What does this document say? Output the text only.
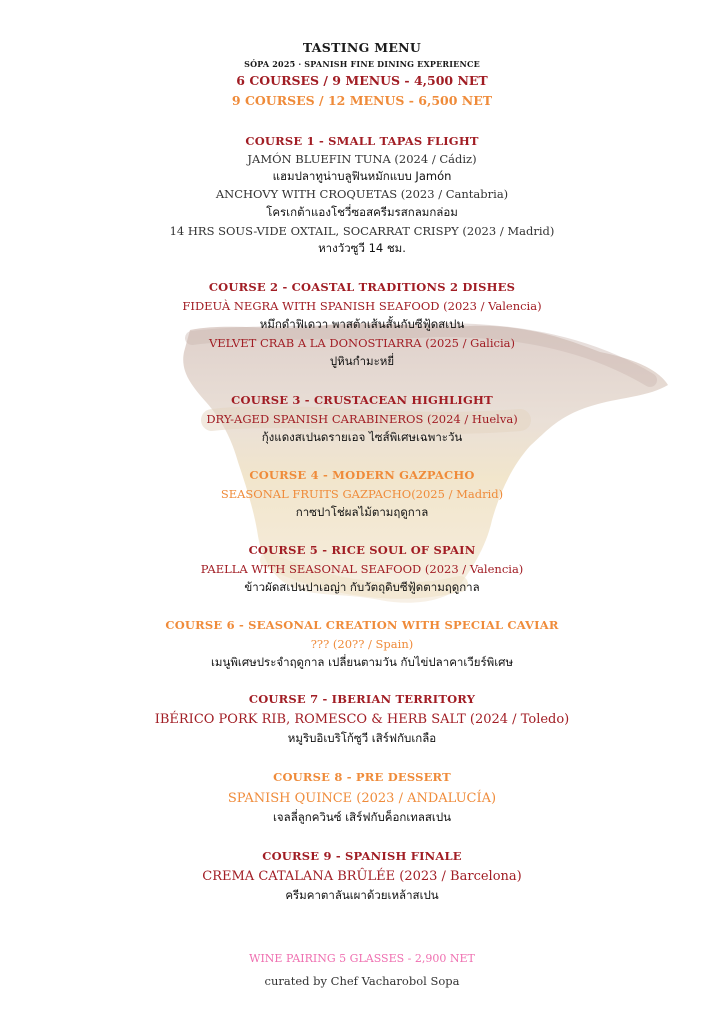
TASTING MENU
SÓPA 2025 · SPANISH FINE DINING EXPERIENCE
6 COURSES / 9 MENUS - 4,500 NET
9 COURSES / 12 MENUS - 6,500 NET
COURSE 1 - SMALL TAPAS FLIGHT
JAMÓN BLUEFIN TUNA (2024 / Cádiz)
แฮมปลาทูน่าบลูฟินหมักแบบ Jamón
ANCHOVY WITH CROQUETAS (2023 / Cantabria)
โครเกต้าแองโชวี่ซอสครีมรสกลมกล่อม
14 HRS SOUS-VIDE OXTAIL, SOCARRAT CRISPY (2023 / Madrid)
หางวัวซูวี 14 ชม.
COURSE 2 - COASTAL TRADITIONS 2 DISHES
FIDEUÀ NEGRA WITH SPANISH SEAFOOD (2023 / Valencia)
หมึกดำฟิเดวา พาสต้าเส้นสั้นกับซีฟู้ดสเปน
VELVET CRAB A LA DONOSTIARRA (2025 / Galicia)
ปูหินกำมะหยี่
COURSE 3 - CRUSTACEAN HIGHLIGHT
DRY-AGED SPANISH CARABINEROS (2024 / Huelva)
กุ้งแดงสเปนดรายเอจ ไซส์พิเศษเฉพาะวัน
COURSE 4 - MODERN GAZPACHO
SEASONAL FRUITS GAZPACHO(2025 / Madrid)
กาซปาโช่ผลไม้ตามฤดูกาล
COURSE 5 - RICE SOUL OF SPAIN
PAELLA WITH SEASONAL SEAFOOD (2023 / Valencia)
ข้าวผัดสเปนปาเอญ่า กับวัตถุดิบซีฟู้ดตามฤดูกาล
COURSE 6 - SEASONAL CREATION WITH SPECIAL CAVIAR
??? (20?? / Spain)
เมนูพิเศษประจำฤดูกาล เปลี่ยนตามวัน กับไข่ปลาคาเวียร์พิเศษ
COURSE 7 - IBERIAN TERRITORY
IBÉRICO PORK RIB, ROMESCO & HERB SALT (2024 / Toledo)
หมูริบอิเบริโก้ซูวี เสิร์ฟกับเกลือ
COURSE 8 - PRE DESSERT
SPANISH QUINCE (2023 / ANDALUCÍA)
เจลลี่ลูกควินซ์ เสิร์ฟกับค็อกเทลสเปน
COURSE 9 - SPANISH FINALE
CREMA CATALANA BRÛLÉE (2023 / Barcelona)
ครีมคาตาลันเผาด้วยเหล้าสเปน
WINE PAIRING 5 GLASSES - 2,900 NET
curated by Chef Vacharobol Sopa
